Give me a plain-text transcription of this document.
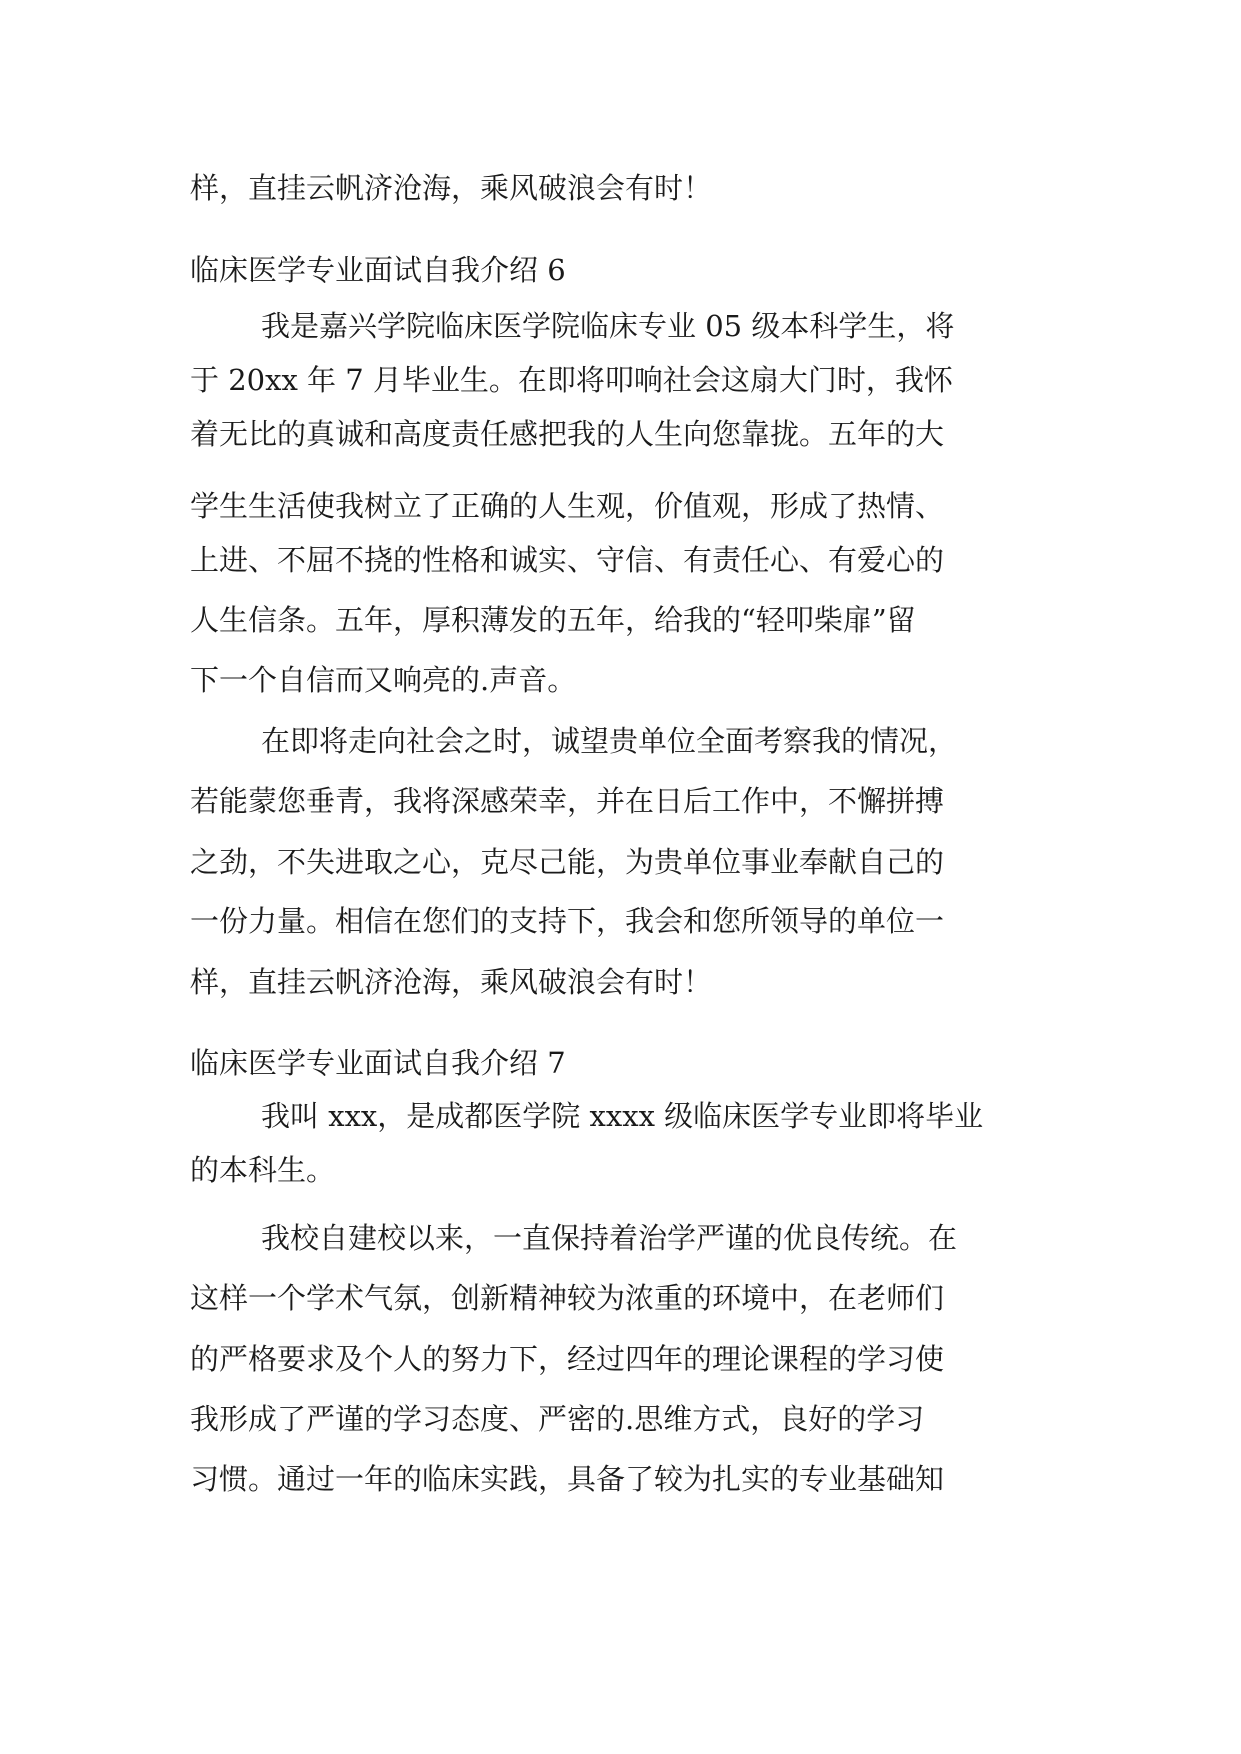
样，直挂云帆济沧海，乘风破浪会有时！
临床医学专业面试自我介绍 6
我是嘉兴学院临床医学院临床专业 05 级本科学生，将
于 20xx 年 7 月毕业生。在即将叩响社会这扇大门时，我怀
着无比的真诚和高度责任感把我的人生向您靠拢。五年的大
学生生活使我树立了正确的人生观，价值观，形成了热情、
上进、不屈不挠的性格和诚实、守信、有责任心、有爱心的
人生信条。五年，厚积薄发的五年，给我的“轻叩柴扉”留
下一个自信而又响亮的.声音。
在即将走向社会之时，诚望贵单位全面考察我的情况，
若能蒙您垂青，我将深感荣幸，并在日后工作中，不懈拼搏
之劲，不失进取之心，克尽己能，为贵单位事业奉献自己的
一份力量。相信在您们的支持下，我会和您所领导的单位一
样，直挂云帆济沧海，乘风破浪会有时！
临床医学专业面试自我介绍 7
我叫 xxx，是成都医学院 xxxx 级临床医学专业即将毕业
的本科生。
我校自建校以来，一直保持着治学严谨的优良传统。在
这样一个学术气氛，创新精神较为浓重的环境中，在老师们
的严格要求及个人的努力下，经过四年的理论课程的学习使
我形成了严谨的学习态度、严密的.思维方式，良好的学习
习惯。通过一年的临床实践，具备了较为扎实的专业基础知
